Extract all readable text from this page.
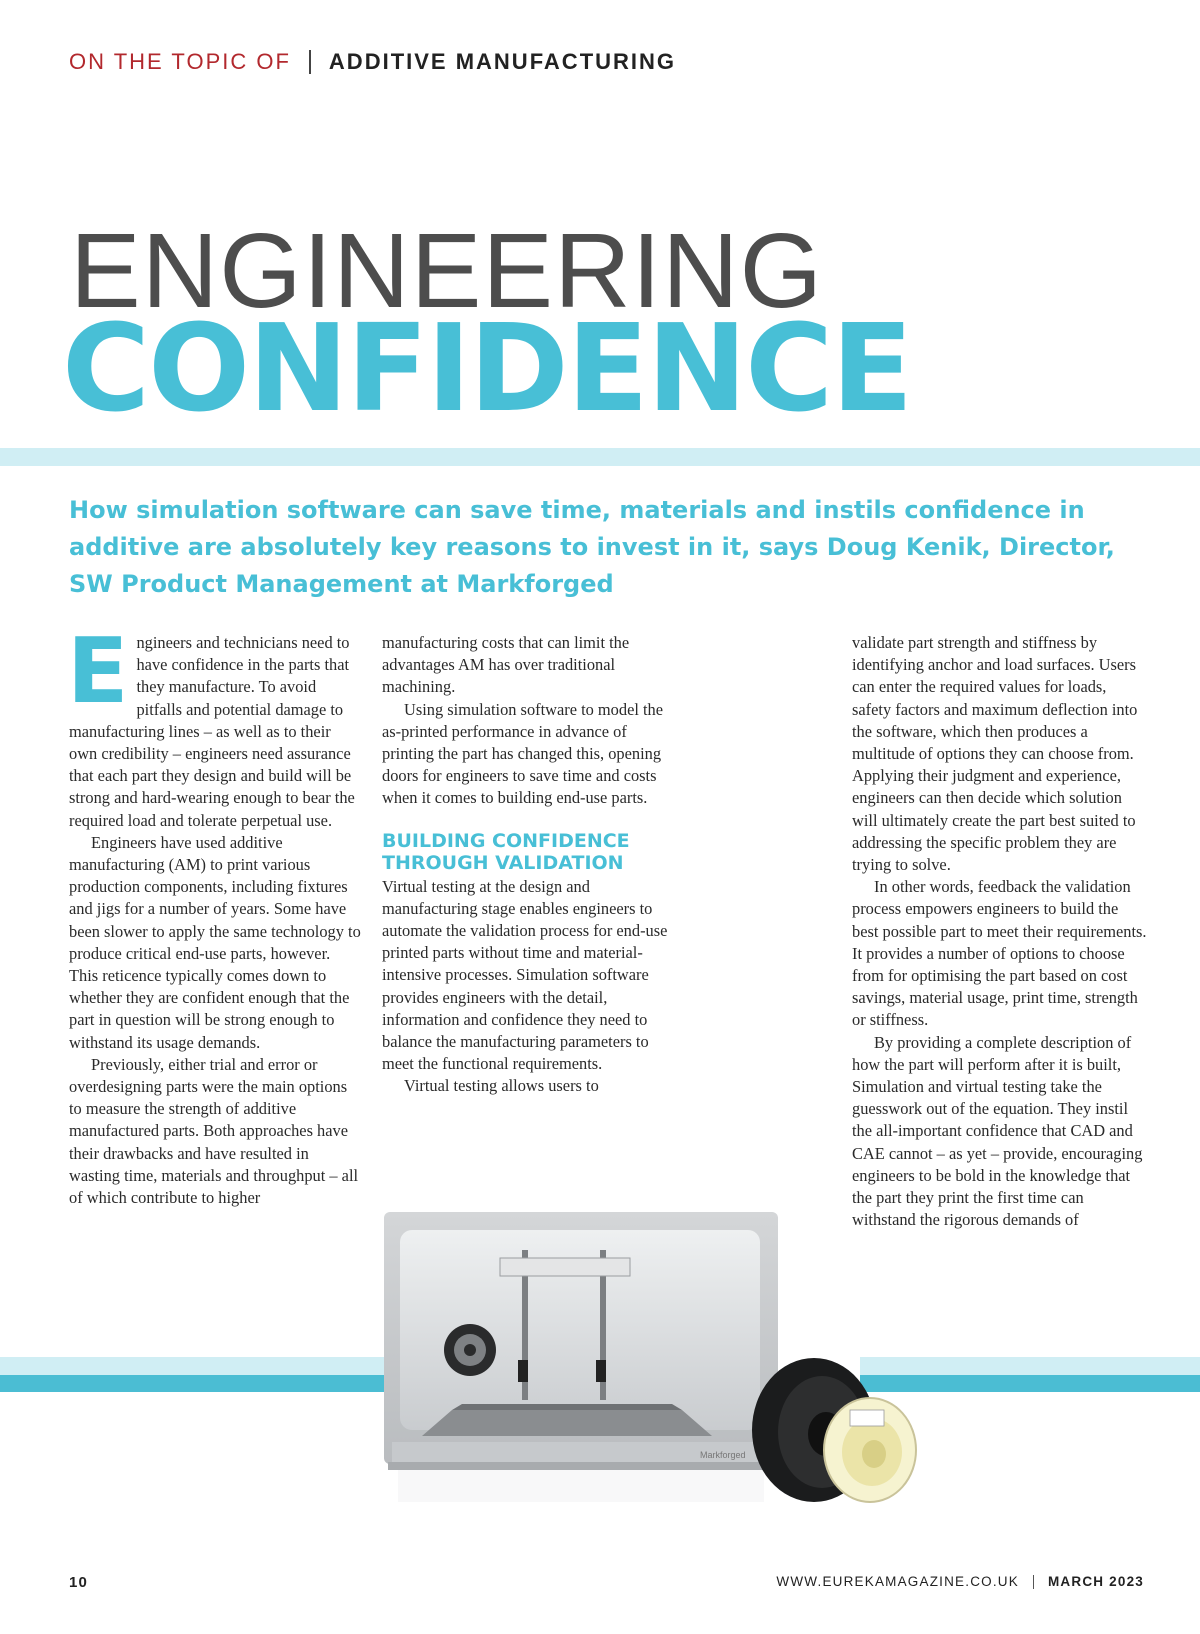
ON THE TOPIC OF ADDITIVE MANUFACTURING
ENGINEERING
CONFIDENCE
How simulation software can save time, materials and instils confidence in additive are absolutely key reasons to invest in it, says Doug Kenik, Director, SW Product Management at Markforged
E ngineers and technicians need to have confidence in the parts that they manufacture. To avoid pitfalls and potential damage to manufacturing lines – as well as to their own credibility – engineers need assurance that each part they design and build will be strong and hard-wearing enough to bear the required load and tolerate perpetual use.

Engineers have used additive manufacturing (AM) to print various production components, including fixtures and jigs for a number of years. Some have been slower to apply the same technology to produce critical end-use parts, however. This reticence typically comes down to whether they are confident enough that the part in question will be strong enough to withstand its usage demands.

Previously, either trial and error or overdesigning parts were the main options to measure the strength of additive manufactured parts. Both approaches have their drawbacks and have resulted in wasting time, materials and throughput – all of which contribute to higher

manufacturing costs that can limit the advantages AM has over traditional machining.

Using simulation software to model the as-printed performance in advance of printing the part has changed this, opening doors for engineers to save time and costs when it comes to building end-use parts.

BUILDING CONFIDENCE THROUGH VALIDATION

Virtual testing at the design and manufacturing stage enables engineers to automate the validation process for end-use printed parts without time and material-intensive processes. Simulation software provides engineers with the detail, information and confidence they need to balance the manufacturing parameters to meet the functional requirements.

Virtual testing allows users to

validate part strength and stiffness by identifying anchor and load surfaces. Users can enter the required values for loads, safety factors and maximum deflection into the software, which then produces a multitude of options they can choose from. Applying their judgment and experience, engineers can then decide which solution will ultimately create the part best suited to addressing the specific problem they are trying to solve.

In other words, feedback the validation process empowers engineers to build the best possible part to meet their requirements. It provides a number of options to choose from for optimising the part based on cost savings, material usage, print time, strength or stiffness.

By providing a complete description of how the part will perform after it is built, Simulation and virtual testing take the guesswork out of the equation. They instil the all-important confidence that CAD and CAE cannot – as yet – provide, encouraging engineers to be bold in the knowledge that the part they print the first time can withstand the rigorous demands of

Markforged
10	WWW.EUREKAMAGAZINE.CO.UK MARCH 2023
